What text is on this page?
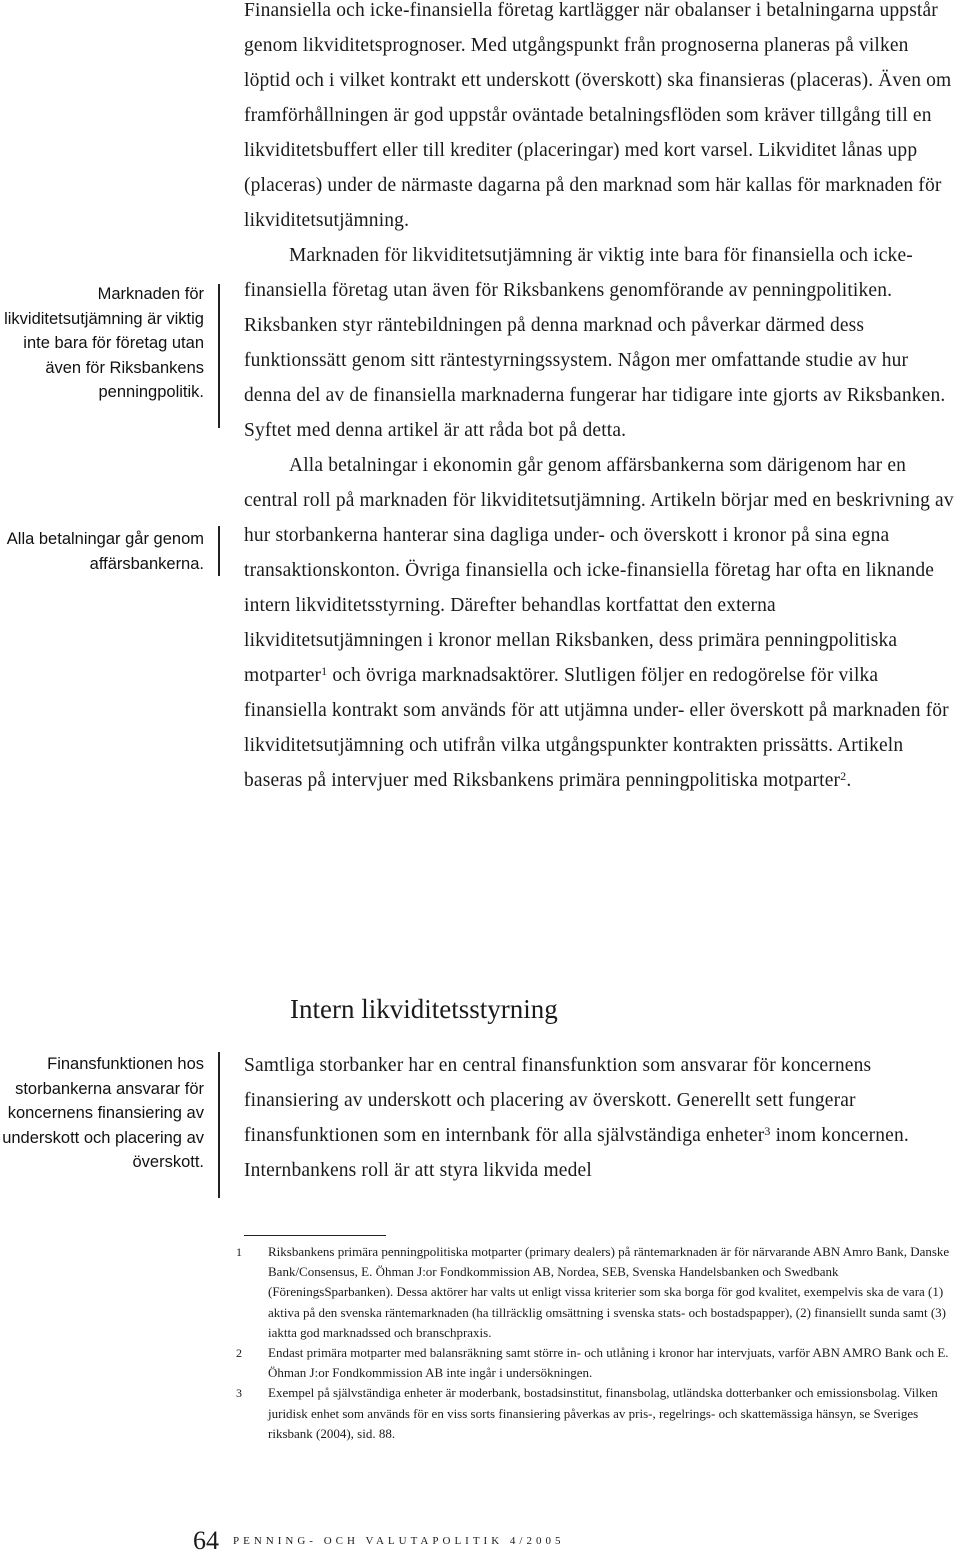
Finansiella och icke-finansiella företag kartlägger när obalanser i betalningarna uppstår genom likviditetsprognoser. Med utgångspunkt från prognoserna planeras på vilken löptid och i vilket kontrakt ett underskott (överskott) ska finansieras (placeras). Även om framförhållningen är god uppstår oväntade betalningsflöden som kräver tillgång till en likviditetsbuffert eller till krediter (placeringar) med kort varsel. Likviditet lånas upp (placeras) under de närmaste dagarna på den marknad som här kallas för marknaden för likviditetsutjämning.

Marknaden för likviditetsutjämning är viktig inte bara för finansiella och icke-finansiella företag utan även för Riksbankens genomförande av penningpolitiken. Riksbanken styr räntebildningen på denna marknad och påverkar därmed dess funktionssätt genom sitt räntestyrningssystem. Någon mer omfattande studie av hur denna del av de finansiella marknaderna fungerar har tidigare inte gjorts av Riksbanken. Syftet med denna artikel är att råda bot på detta.

Alla betalningar i ekonomin går genom affärsbankerna som därigenom har en central roll på marknaden för likviditetsutjämning. Artikeln börjar med en beskrivning av hur storbankerna hanterar sina dagliga under- och överskott i kronor på sina egna transaktionskonton. Övriga finansiella och icke-finansiella företag har ofta en liknande intern likviditetsstyrning. Därefter behandlas kortfattat den externa likviditetsutjämningen i kronor mellan Riksbanken, dess primära penningpolitiska motparter$^1$ och övriga marknadsaktörer. Slutligen följer en redogörelse för vilka finansiella kontrakt som används för att utjämna under- eller överskott på marknaden för likviditetsutjämning och utifrån vilka utgångspunkter kontrakten prissätts. Artikeln baseras på intervjuer med Riksbankens primära penningpolitiska motparter$^2$.

Marknaden för likviditetsutjämning är viktig inte bara för företag utan även för Riksbankens penningpolitik.
Alla betalningar går genom affärsbankerna.
Finansfunktionen hos storbankerna ansvarar för koncernens finansiering av underskott och placering av överskott.
Intern likviditetsstyrning

Samtliga storbanker har en central finansfunktion som ansvarar för koncernens finansiering av underskott och placering av överskott. Generellt sett fungerar finansfunktionen som en internbank för alla självständiga enheter$^3$ inom koncernen. Internbankens roll är att styra likvida medel

1 Riksbankens primära penningpolitiska motparter (primary dealers) på räntemarknaden är för närvarande ABN Amro Bank, Danske Bank/Consensus, E. Öhman J:or Fondkommission AB, Nordea, SEB, Svenska Handelsbanken och Swedbank (FöreningsSparbanken). Dessa aktörer har valts ut enligt vissa kriterier som ska borga för god kvalitet, exempelvis ska de vara (1) aktiva på den svenska räntemarknaden (ha tillräcklig omsättning i svenska stats- och bostadspapper), (2) finansiellt sunda samt (3) iaktta god marknadssed och branschpraxis.
2 Endast primära motparter med balansräkning samt större in- och utlåning i kronor har intervjuats, varför ABN AMRO Bank och E. Öhman J:or Fondkommission AB inte ingår i undersökningen.
3 Exempel på självständiga enheter är moderbank, bostadsinstitut, finansbolag, utländska dotterbanker och emissionsbolag. Vilken juridisk enhet som används för en viss sorts finansiering påverkas av pris-, regelrings- och skattemässiga hänsyn, se Sveriges riksbank (2004), sid. 88.
64 PENNING- OCH VALUTAPOLITIK 4/2005
